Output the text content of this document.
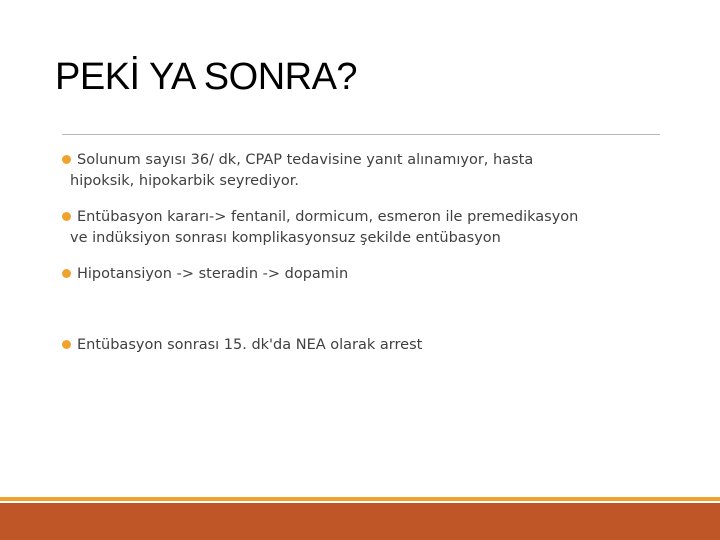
PEKİ YA SONRA?
Solunum sayısı 36/ dk, CPAP tedavisine yanıt alınamıyor, hasta
hipoksik, hipokarbik seyrediyor.
Entübasyon kararı-> fentanil, dormicum, esmeron ile premedikasyon
ve indüksiyon sonrası komplikasyonsuz şekilde entübasyon
Hipotansiyon -> steradin -> dopamin
Entübasyon sonrası 15. dk'da NEA olarak arrest
